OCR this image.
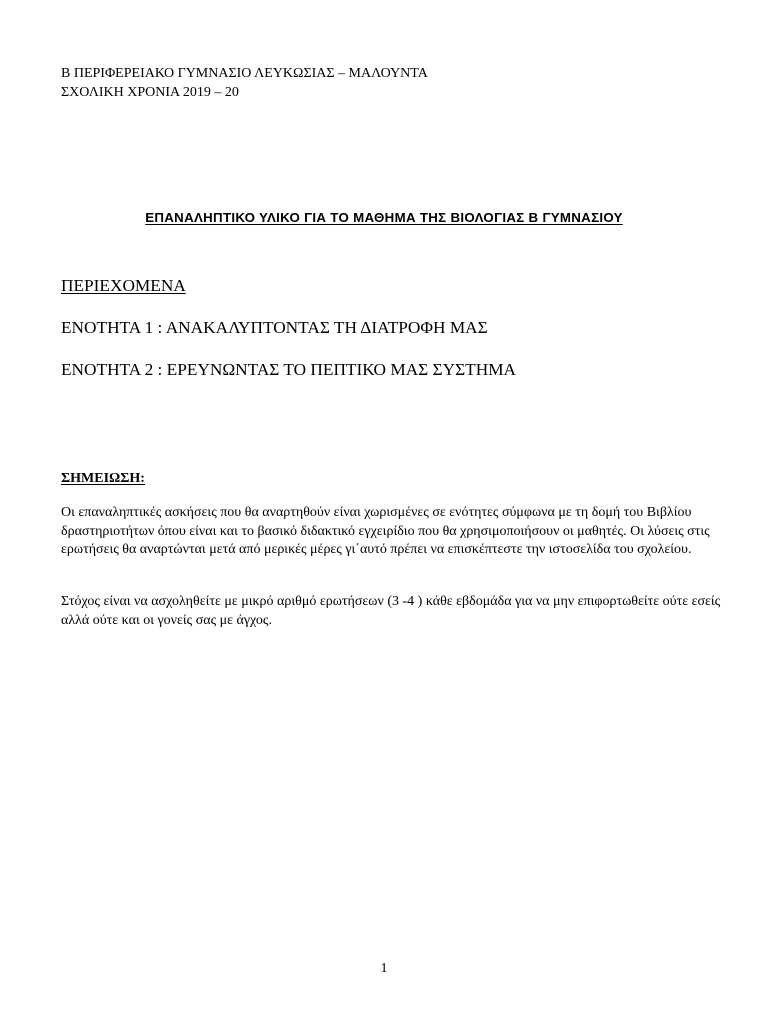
Β ΠΕΡΙΦΕΡΕΙΑΚΟ ΓΥΜΝΑΣΙΟ ΛΕΥΚΩΣΙΑΣ – ΜΑΛΟΥΝΤΑ
ΣΧΟΛΙΚΗ ΧΡΟΝΙΑ 2019 – 20
ΕΠΑΝΑΛΗΠΤΙΚΟ ΥΛΙΚΟ ΓΙΑ ΤΟ ΜΑΘΗΜΑ ΤΗΣ ΒΙΟΛΟΓΙΑΣ Β ΓΥΜΝΑΣΙΟΥ
ΠΕΡΙΕΧΟΜΕΝΑ
ΕΝΟΤΗΤΑ 1 : ΑΝΑΚΑΛΥΠΤΟΝΤΑΣ ΤΗ ΔΙΑΤΡΟΦΗ ΜΑΣ
ΕΝΟΤΗΤΑ 2 : ΕΡΕΥΝΩΝΤΑΣ ΤΟ ΠΕΠΤΙΚΟ ΜΑΣ ΣΥΣΤΗΜΑ
ΣΗΜΕΙΩΣΗ:
Οι επαναληπτικές ασκήσεις που θα αναρτηθούν είναι χωρισμένες σε ενότητες σύμφωνα με τη δομή του Βιβλίου δραστηριοτήτων όπου είναι και το βασικό διδακτικό εγχειρίδιο που θα χρησιμοποιήσουν οι μαθητές. Οι λύσεις στις ερωτήσεις θα αναρτώνται μετά από μερικές μέρες γι΄αυτό πρέπει να επισκέπτεστε την ιστοσελίδα του σχολείου.
Στόχος είναι να ασχοληθείτε με μικρό αριθμό ερωτήσεων (3 -4 ) κάθε εβδομάδα για να μην επιφορτωθείτε ούτε εσείς αλλά ούτε και οι γονείς σας με άγχος.
1
